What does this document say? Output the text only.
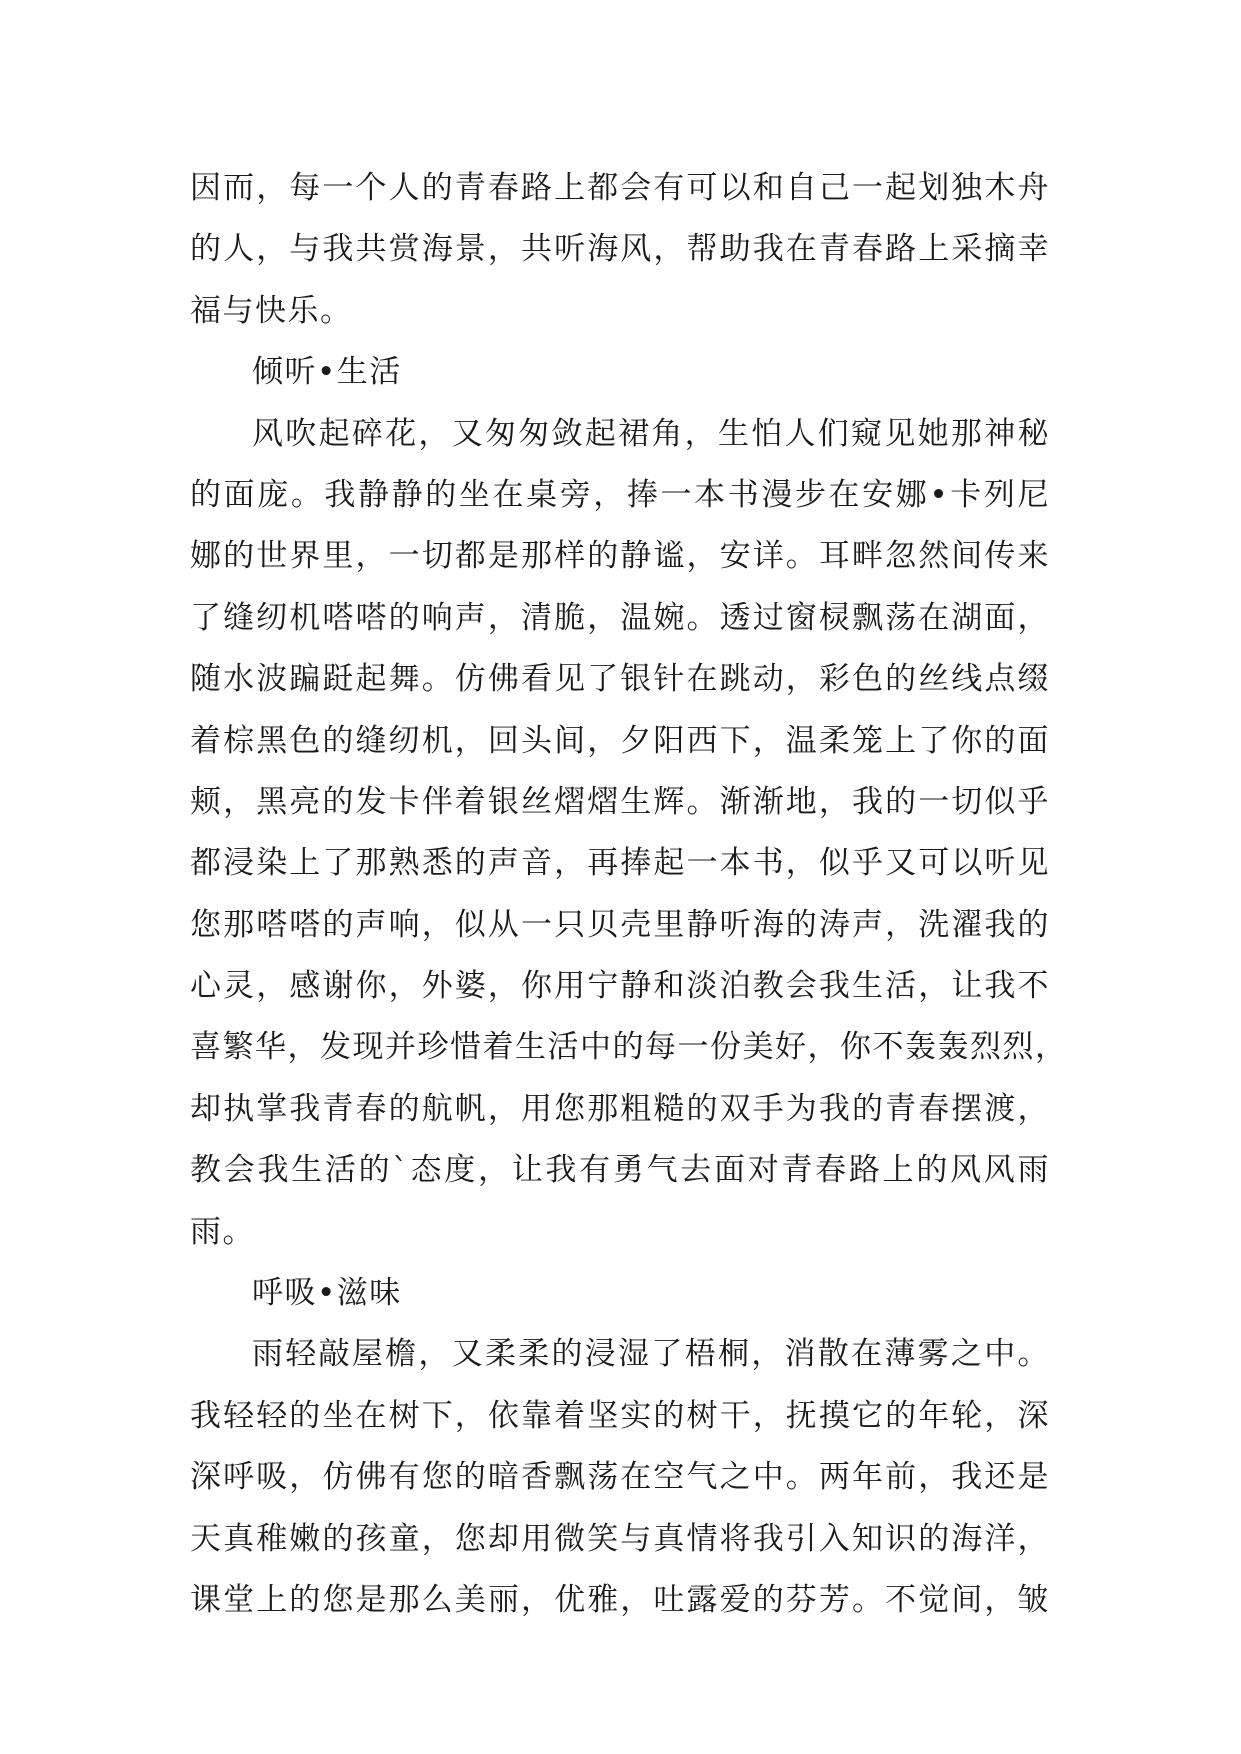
因而，每一个人的青春路上都会有可以和自己一起划独木舟
的人，与我共赏海景，共听海风，帮助我在青春路上采摘幸
福与快乐。
倾听•生活
风吹起碎花，又匆匆敛起裙角，生怕人们窥见她那神秘
的面庞。我静静的坐在桌旁，捧一本书漫步在安娜•卡列尼
娜的世界里，一切都是那样的静谧，安详。耳畔忽然间传来
了缝纫机嗒嗒的响声，清脆，温婉。透过窗棂飘荡在湖面，
随水波蹁跹起舞。仿佛看见了银针在跳动，彩色的丝线点缀
着棕黑色的缝纫机，回头间，夕阳西下，温柔笼上了你的面
颊，黑亮的发卡伴着银丝熠熠生辉。渐渐地，我的一切似乎
都浸染上了那熟悉的声音，再捧起一本书，似乎又可以听见
您那嗒嗒的声响，似从一只贝壳里静听海的涛声，洗濯我的
心灵，感谢你，外婆，你用宁静和淡泊教会我生活，让我不
喜繁华，发现并珍惜着生活中的每一份美好，你不轰轰烈烈，
却执掌我青春的航帆，用您那粗糙的双手为我的青春摆渡，
教会我生活的`态度，让我有勇气去面对青春路上的风风雨
雨。
呼吸•滋味
雨轻敲屋檐，又柔柔的浸湿了梧桐，消散在薄雾之中。
我轻轻的坐在树下，依靠着坚实的树干，抚摸它的年轮，深
深呼吸，仿佛有您的暗香飘荡在空气之中。两年前，我还是
天真稚嫩的孩童，您却用微笑与真情将我引入知识的海洋，
课堂上的您是那么美丽，优雅，吐露爱的芬芳。不觉间，皱
